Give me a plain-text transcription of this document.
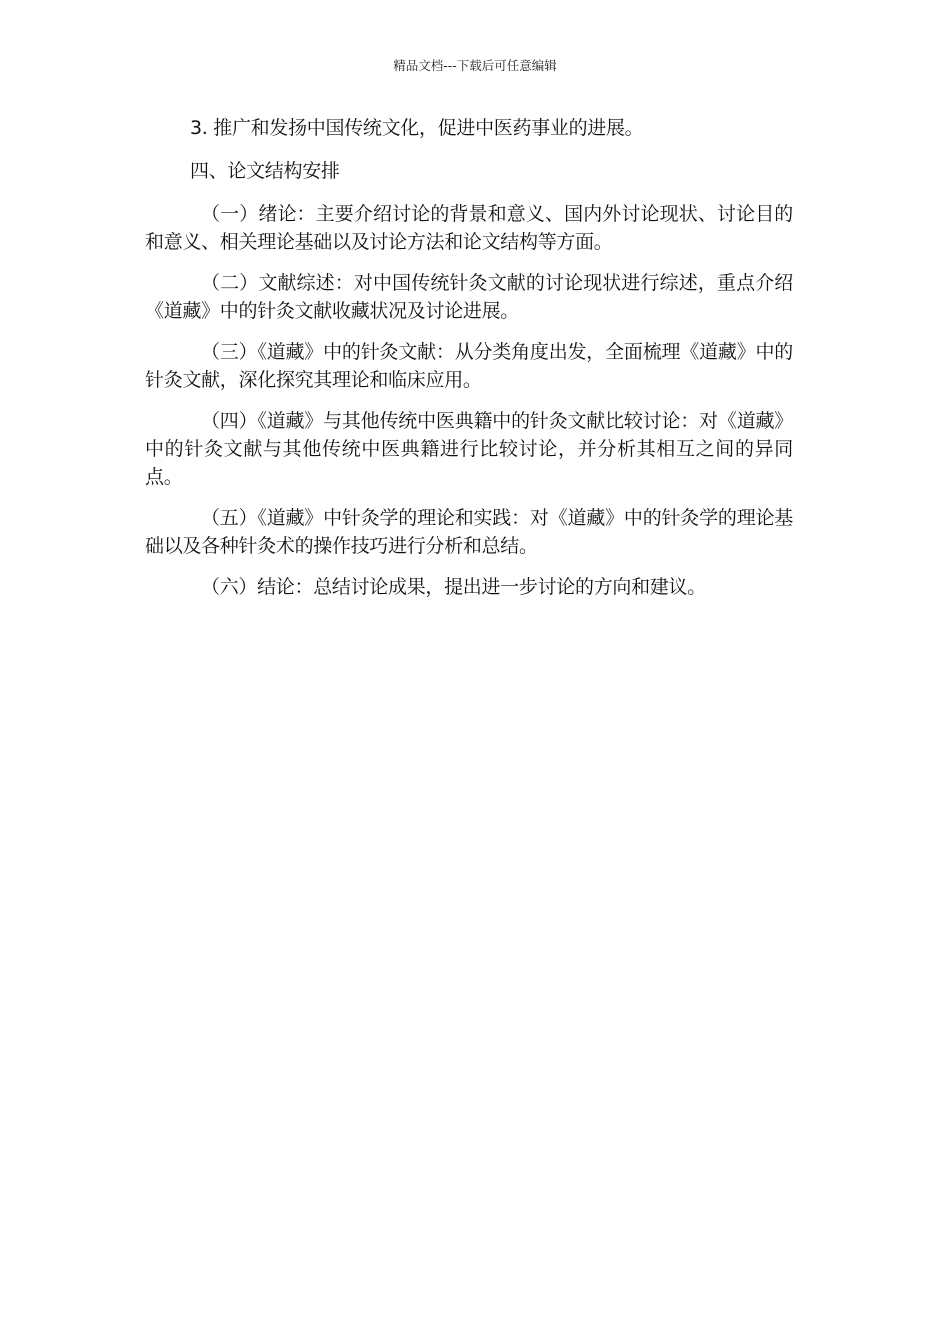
精品文档---下载后可任意编辑

3. 推广和发扬中国传统文化，促进中医药事业的进展。

四、论文结构安排

（一）绪论：主要介绍讨论的背景和意义、国内外讨论现状、讨论目的和意义、相关理论基础以及讨论方法和论文结构等方面。

（二）文献综述：对中国传统针灸文献的讨论现状进行综述，重点介绍《道藏》中的针灸文献收藏状况及讨论进展。

（三）《道藏》中的针灸文献：从分类角度出发，全面梳理《道藏》中的针灸文献，深化探究其理论和临床应用。

（四）《道藏》与其他传统中医典籍中的针灸文献比较讨论：对《道藏》中的针灸文献与其他传统中医典籍进行比较讨论，并分析其相互之间的异同点。

（五）《道藏》中针灸学的理论和实践：对《道藏》中的针灸学的理论基础以及各种针灸术的操作技巧进行分析和总结。

（六）结论：总结讨论成果，提出进一步讨论的方向和建议。
